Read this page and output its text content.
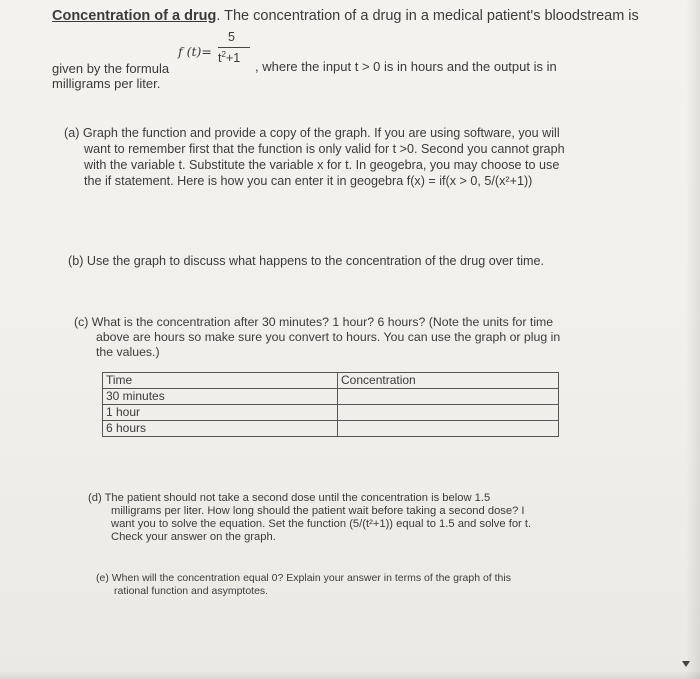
Concentration of a drug. The concentration of a drug in a medical patient's bloodstream is
f (t)=
5
$t^2+1$
given by the formula	, where the input t > 0 is in hours and the output is in
milligrams per liter.
(a) Graph the function and provide a copy of the graph. If you are using software, you will
want to remember first that the function is only valid for t >0. Second you cannot graph
with the variable t. Substitute the variable x for t. In geogebra, you may choose to use
the if statement. Here is how you can enter it in geogebra f(x) = if(x > 0, 5/(x²+1))
(b) Use the graph to discuss what happens to the concentration of the drug over time.
(c) What is the concentration after 30 minutes? 1 hour? 6 hours? (Note the units for time
above are hours so make sure you convert to hours. You can use the graph or plug in
the values.)
Time	Concentration
30 minutes	
1 hour	
6 hours	
(d) The patient should not take a second dose until the concentration is below 1.5
milligrams per liter. How long should the patient wait before taking a second dose? I
want you to solve the equation. Set the function (5/(t²+1)) equal to 1.5 and solve for t.
Check your answer on the graph.
(e) When will the concentration equal 0? Explain your answer in terms of the graph of this
rational function and asymptotes.
